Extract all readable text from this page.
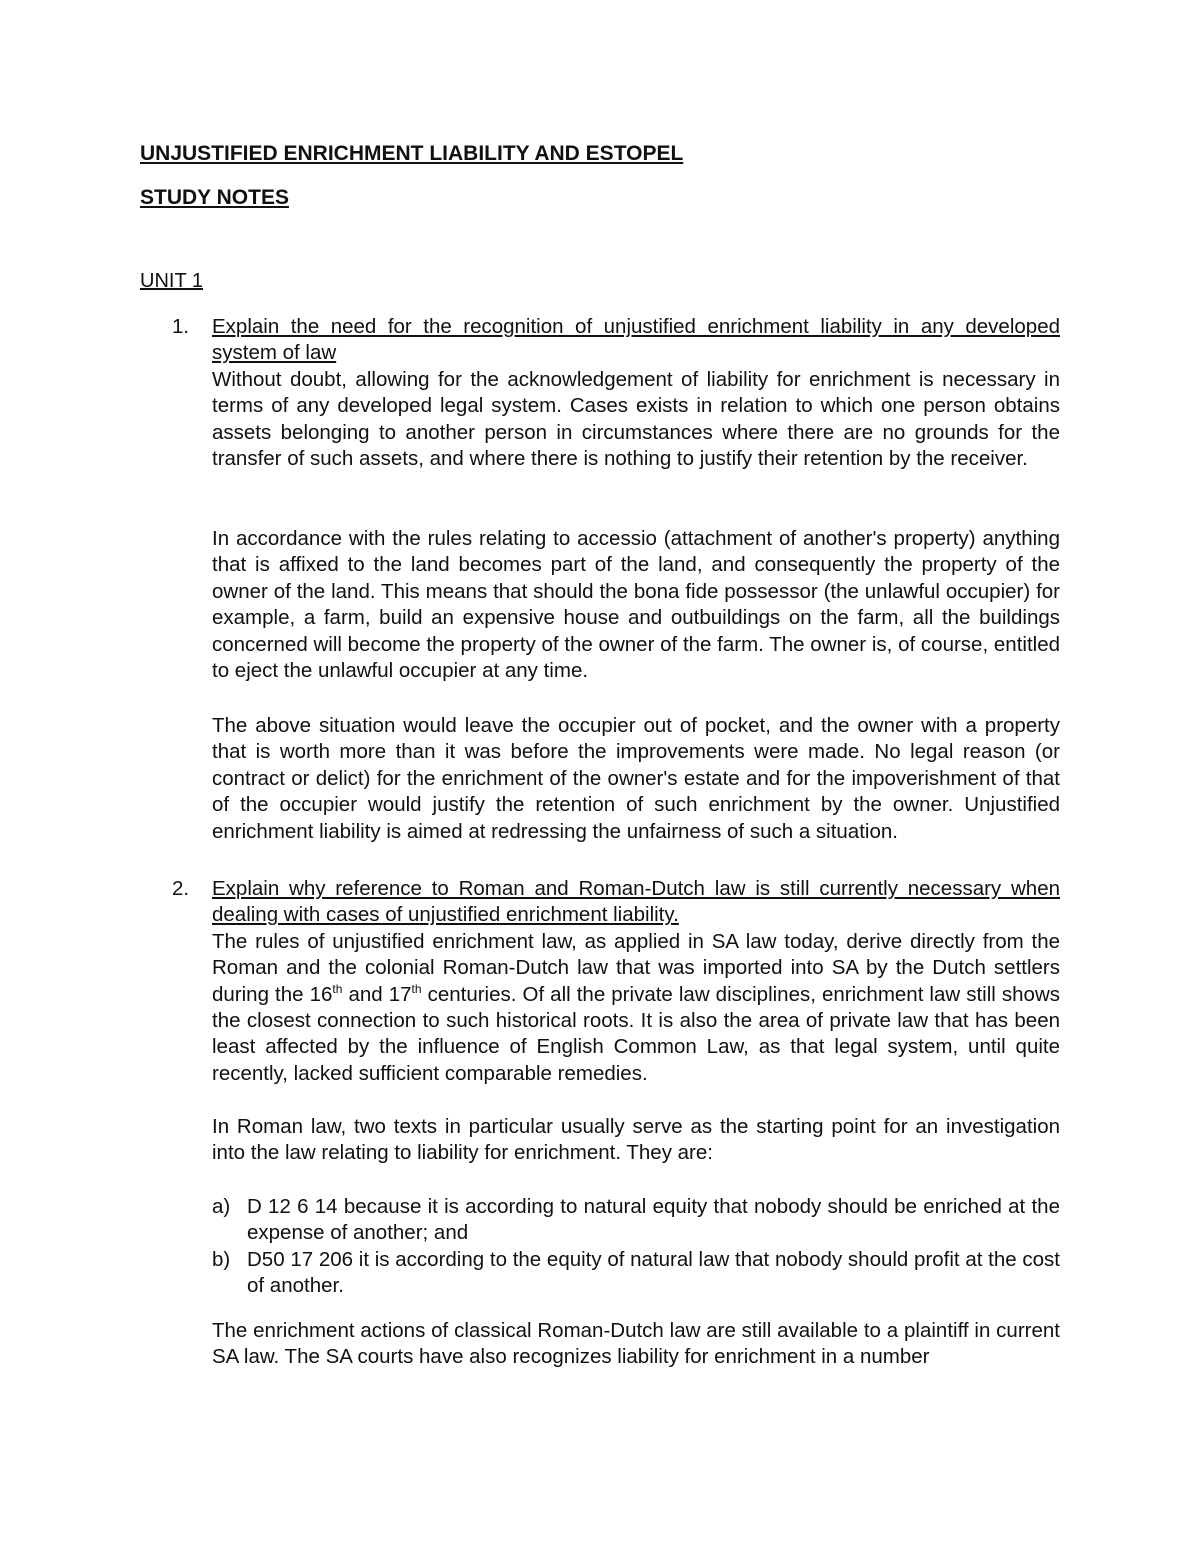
UNJUSTIFIED ENRICHMENT LIABILITY AND ESTOPEL

STUDY NOTES

UNIT 1

1. Explain the need for the recognition of unjustified enrichment liability in any developed system of law
Without doubt, allowing for the acknowledgement of liability for enrichment is necessary in terms of any developed legal system. Cases exists in relation to which one person obtains assets belonging to another person in circumstances where there are no grounds for the transfer of such assets, and where there is nothing to justify their retention by the receiver.

In accordance with the rules relating to accessio (attachment of another's property) anything that is affixed to the land becomes part of the land, and consequently the property of the owner of the land. This means that should the bona fide possessor (the unlawful occupier) for example, a farm, build an expensive house and outbuildings on the farm, all the buildings concerned will become the property of the owner of the farm. The owner is, of course, entitled to eject the unlawful occupier at any time.

The above situation would leave the occupier out of pocket, and the owner with a property that is worth more than it was before the improvements were made. No legal reason (or contract or delict) for the enrichment of the owner's estate and for the impoverishment of that of the occupier would justify the retention of such enrichment by the owner. Unjustified enrichment liability is aimed at redressing the unfairness of such a situation.

2. Explain why reference to Roman and Roman-Dutch law is still currently necessary when dealing with cases of unjustified enrichment liability.
The rules of unjustified enrichment law, as applied in SA law today, derive directly from the Roman and the colonial Roman-Dutch law that was imported into SA by the Dutch settlers during the 16th and 17th centuries. Of all the private law disciplines, enrichment law still shows the closest connection to such historical roots. It is also the area of private law that has been least affected by the influence of English Common Law, as that legal system, until quite recently, lacked sufficient comparable remedies.

In Roman law, two texts in particular usually serve as the starting point for an investigation into the law relating to liability for enrichment. They are:

a) D 12 6 14 because it is according to natural equity that nobody should be enriched at the expense of another; and
b) D50 17 206 it is according to the equity of natural law that nobody should profit at the cost of another.

The enrichment actions of classical Roman-Dutch law are still available to a plaintiff in current SA law. The SA courts have also recognizes liability for enrichment in a number
